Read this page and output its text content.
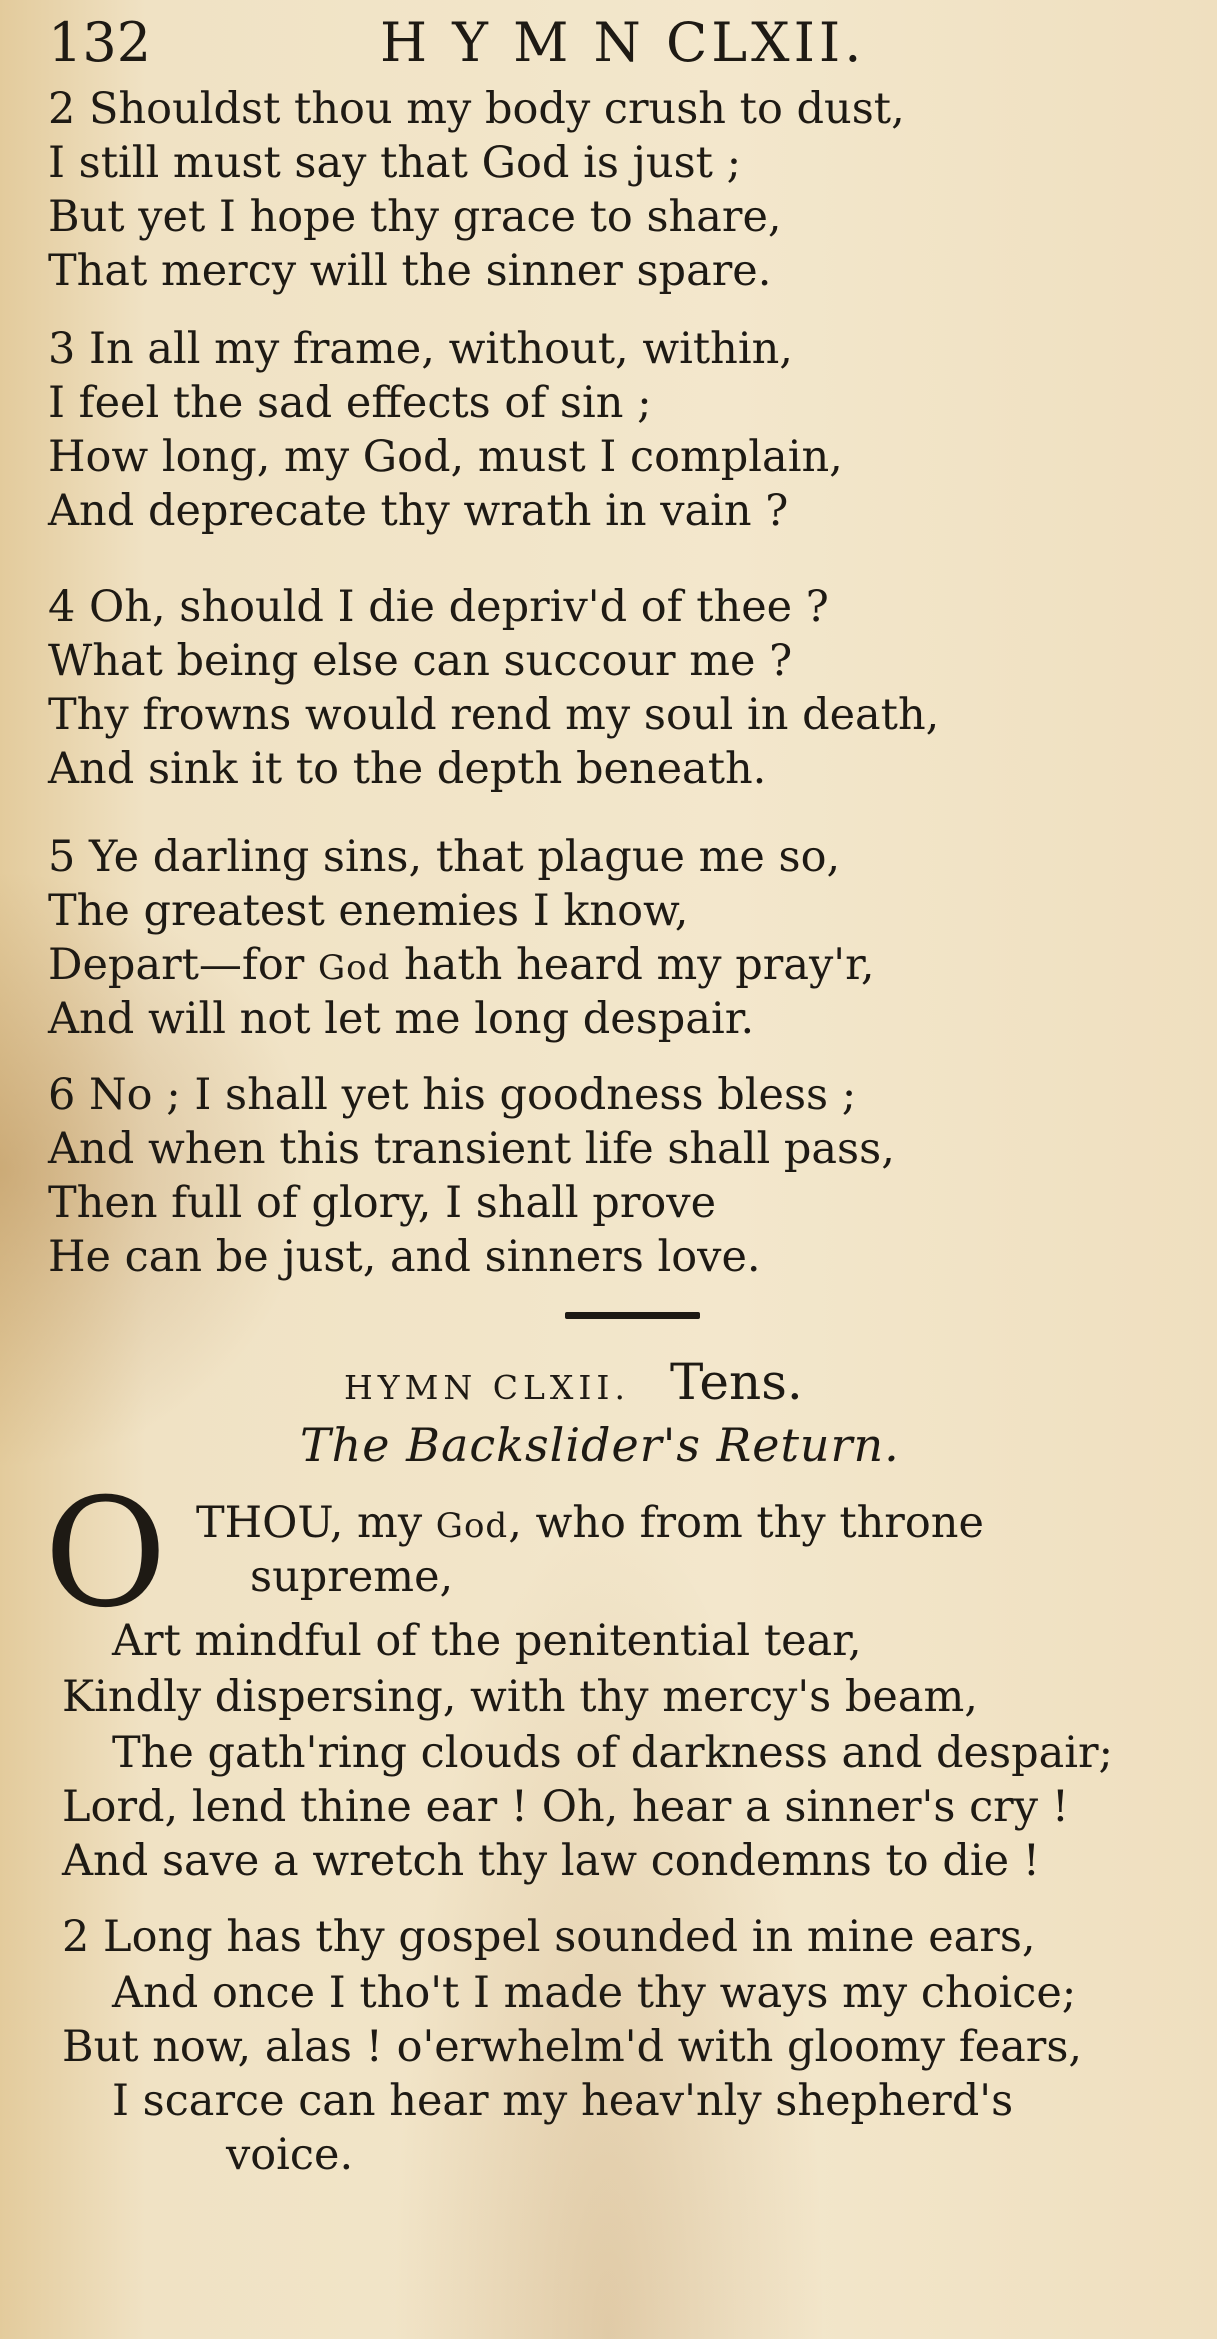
132	H Y M N CLXII.
2 Shouldst thou my body crush to dust,
I still must say that God is just ;
But yet I hope thy grace to share,
That mercy will the sinner spare.
3 In all my frame, without, within,
I feel the sad effects of sin ;
How long, my God, must I complain,
And deprecate thy wrath in vain ?
4 Oh, should I die depriv'd of thee ?
What being else can succour me ?
Thy frowns would rend my soul in death,
And sink it to the depth beneath.
5 Ye darling sins, that plague me so,
The greatest enemies I know,
Depart—for God hath heard my pray'r,
And will not let me long despair.
6 No ; I shall yet his goodness bless ;
And when this transient life shall pass,
Then full of glory, I shall prove
He can be just, and sinners love.
HYMN CLXII. Tens.
The Backslider's Return.
O THOU, my God, who from thy throne
supreme,
Art mindful of the penitential tear,
Kindly dispersing, with thy mercy's beam,
The gath'ring clouds of darkness and despair;
Lord, lend thine ear ! Oh, hear a sinner's cry !
And save a wretch thy law condemns to die !
2 Long has thy gospel sounded in mine ears,
And once I tho't I made thy ways my choice;
But now, alas ! o'erwhelm'd with gloomy fears,
I scarce can hear my heav'nly shepherd's
voice.
